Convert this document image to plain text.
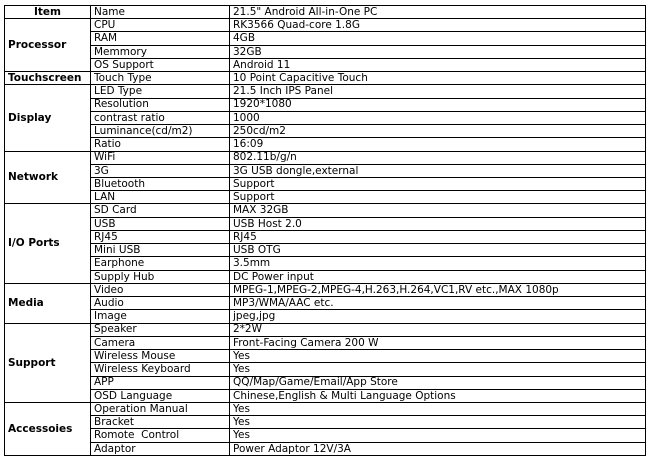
Item	Name	21.5" Android All-in-One PC
Processor	CPU	RK3566 Quad-core 1.8G
	RAM	4GB
	Memmory	32GB
	OS Support	Android 11
Touchscreen	Touch Type	10 Point Capacitive Touch
Display	LED Type	21.5 Inch IPS Panel
	Resolution	1920*1080
	contrast ratio	1000
	Luminance(cd/m2)	250cd/m2
	Ratio	16:09
Network	WiFi	802.11b/g/n
	3G	3G USB dongle,external
	Bluetooth	Support
	LAN	Support
I/O Ports	SD Card	MAX 32GB
	USB	USB Host 2.0
	RJ45	RJ45
	Mini USB	USB OTG
	Earphone	3.5mm
	Supply Hub	DC Power input
Media	Video	MPEG-1,MPEG-2,MPEG-4,H.263,H.264,VC1,RV etc.,MAX 1080p
	Audio	MP3/WMA/AAC etc.
	Image	jpeg,jpg
Support	Speaker	2*2W
	Camera	Front-Facing Camera 200 W
	Wireless Mouse	Yes
	Wireless Keyboard	Yes
	APP	QQ/Map/Game/Email/App Store
	OSD Language	Chinese,English & Multi Language Options
Accessoies	Operation Manual	Yes
	Bracket	Yes
	Romote  Control	Yes
	Adaptor	Power Adaptor 12V/3A
